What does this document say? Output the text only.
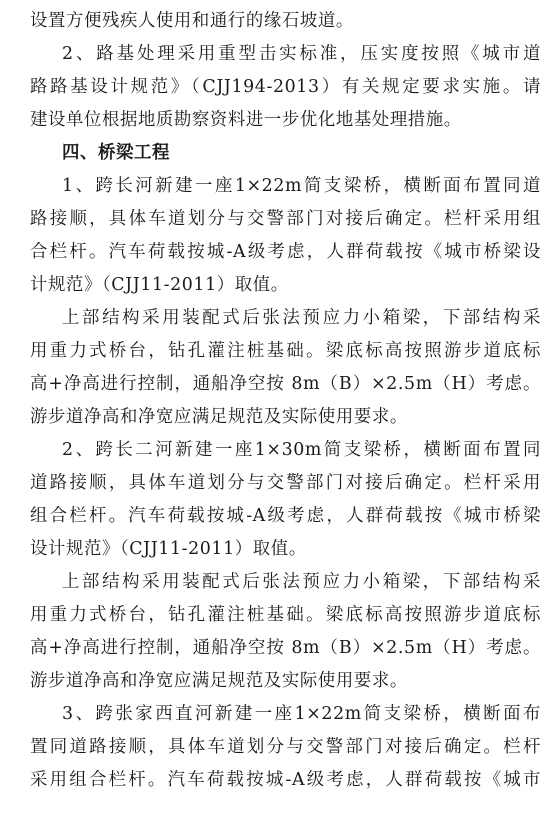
设置方便残疾人使用和通行的缘石坡道。
2、路基处理采用重型击实标准，压实度按照《城市道
路路基设计规范》（CJJ194-2013）有关规定要求实施。请
建设单位根据地质勘察资料进一步优化地基处理措施。
四、桥梁工程
1、跨长河新建一座1×22m简支梁桥，横断面布置同道
路接顺，具体车道划分与交警部门对接后确定。栏杆采用组
合栏杆。汽车荷载按城-A级考虑，人群荷载按《城市桥梁设
计规范》（CJJ11-2011）取值。
上部结构采用装配式后张法预应力小箱梁，下部结构采
用重力式桥台，钻孔灌注桩基础。梁底标高按照游步道底标
高+净高进行控制，通船净空按 8m（B）×2.5m（H）考虑。
游步道净高和净宽应满足规范及实际使用要求。
2、跨长二河新建一座1×30m简支梁桥，横断面布置同
道路接顺，具体车道划分与交警部门对接后确定。栏杆采用
组合栏杆。汽车荷载按城-A级考虑，人群荷载按《城市桥梁
设计规范》（CJJ11-2011）取值。
上部结构采用装配式后张法预应力小箱梁，下部结构采
用重力式桥台，钻孔灌注桩基础。梁底标高按照游步道底标
高+净高进行控制，通船净空按 8m（B）×2.5m（H）考虑。
游步道净高和净宽应满足规范及实际使用要求。
3、跨张家西直河新建一座1×22m简支梁桥，横断面布
置同道路接顺，具体车道划分与交警部门对接后确定。栏杆
采用组合栏杆。汽车荷载按城-A级考虑，人群荷载按《城市
